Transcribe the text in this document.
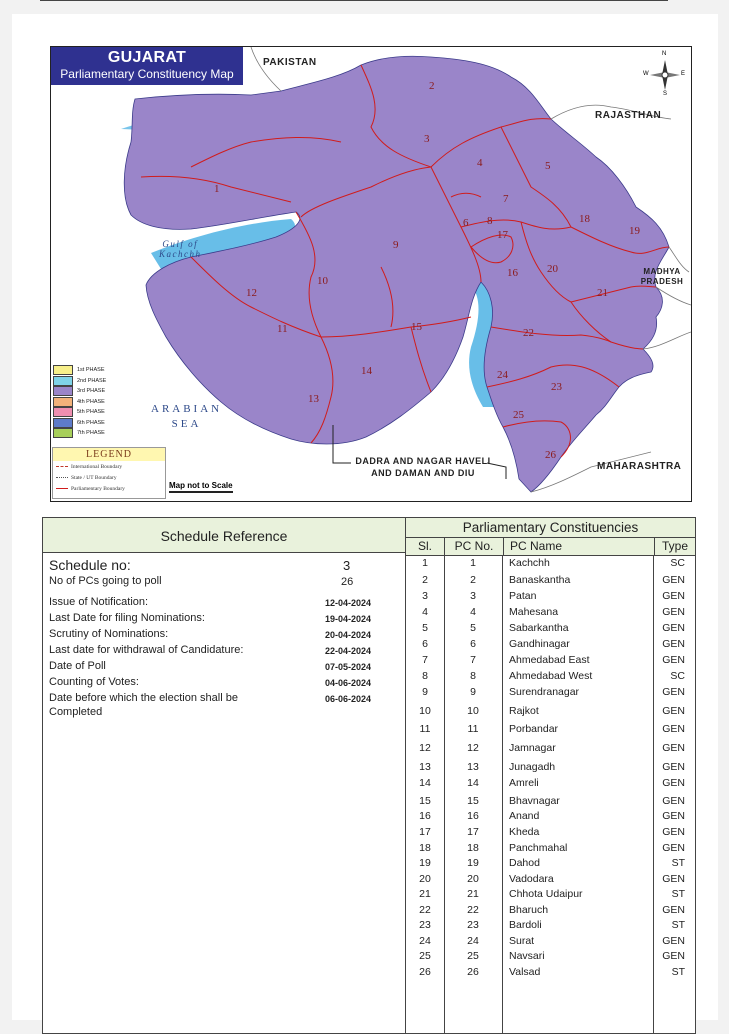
GUJARAT
Parliamentary Constituency Map
PAKISTAN
RAJASTHAN
MADHYA PRADESH
MAHARASHTRA
DADRA AND NAGAR HAVELI AND DAMAN AND DIU
ARABIAN
SEA
Gulf of
Kachchh
1
2
3
4	5
6
7
8
9
10
11
12
13
14
15
16
17
18
19
20
21
22
23
24
25
26
N
S
E
W
1st PHASE
2nd PHASE
3rd PHASE
4th PHASE
5th PHASE
6th PHASE
7th PHASE
LEGEND
International Boundary
State / UT Boundary
Parliamentary Boundary	Map not to Scale
Schedule Reference
Schedule no:	3
No of PCs going to poll	26
Issue of Notification:	12-04-2024
Last Date for filing Nominations:	19-04-2024
Scrutiny of Nominations:	20-04-2024
Last date for withdrawal of Candidature:	22-04-2024
Date of Poll	07-05-2024
Counting of Votes:	04-06-2024
Date before which the election shall be	06-06-2024
Completed
Parliamentary Constituencies
Sl.	PC No.	PC Name	Type
1	1	Kachchh	SC
2	2	Banaskantha	GEN
3	3	Patan	GEN
4	4	Mahesana	GEN
5	5	Sabarkantha	GEN
6	6	Gandhinagar	GEN
7	7	Ahmedabad East	GEN
8	8	Ahmedabad West	SC
9	9	Surendranagar	GEN
10	10	Rajkot	GEN
11	11	Porbandar	GEN
12	12	Jamnagar	GEN
13	13	Junagadh	GEN
14	14	Amreli	GEN
15	15	Bhavnagar	GEN
16	16	Anand	GEN
17	17	Kheda	GEN
18	18	Panchmahal	GEN
19	19	Dahod	ST
20	20	Vadodara	GEN
21	21	Chhota Udaipur	ST
22	22	Bharuch	GEN
23	23	Bardoli	ST
24	24	Surat	GEN
25	25	Navsari	GEN
26	26	Valsad	ST
